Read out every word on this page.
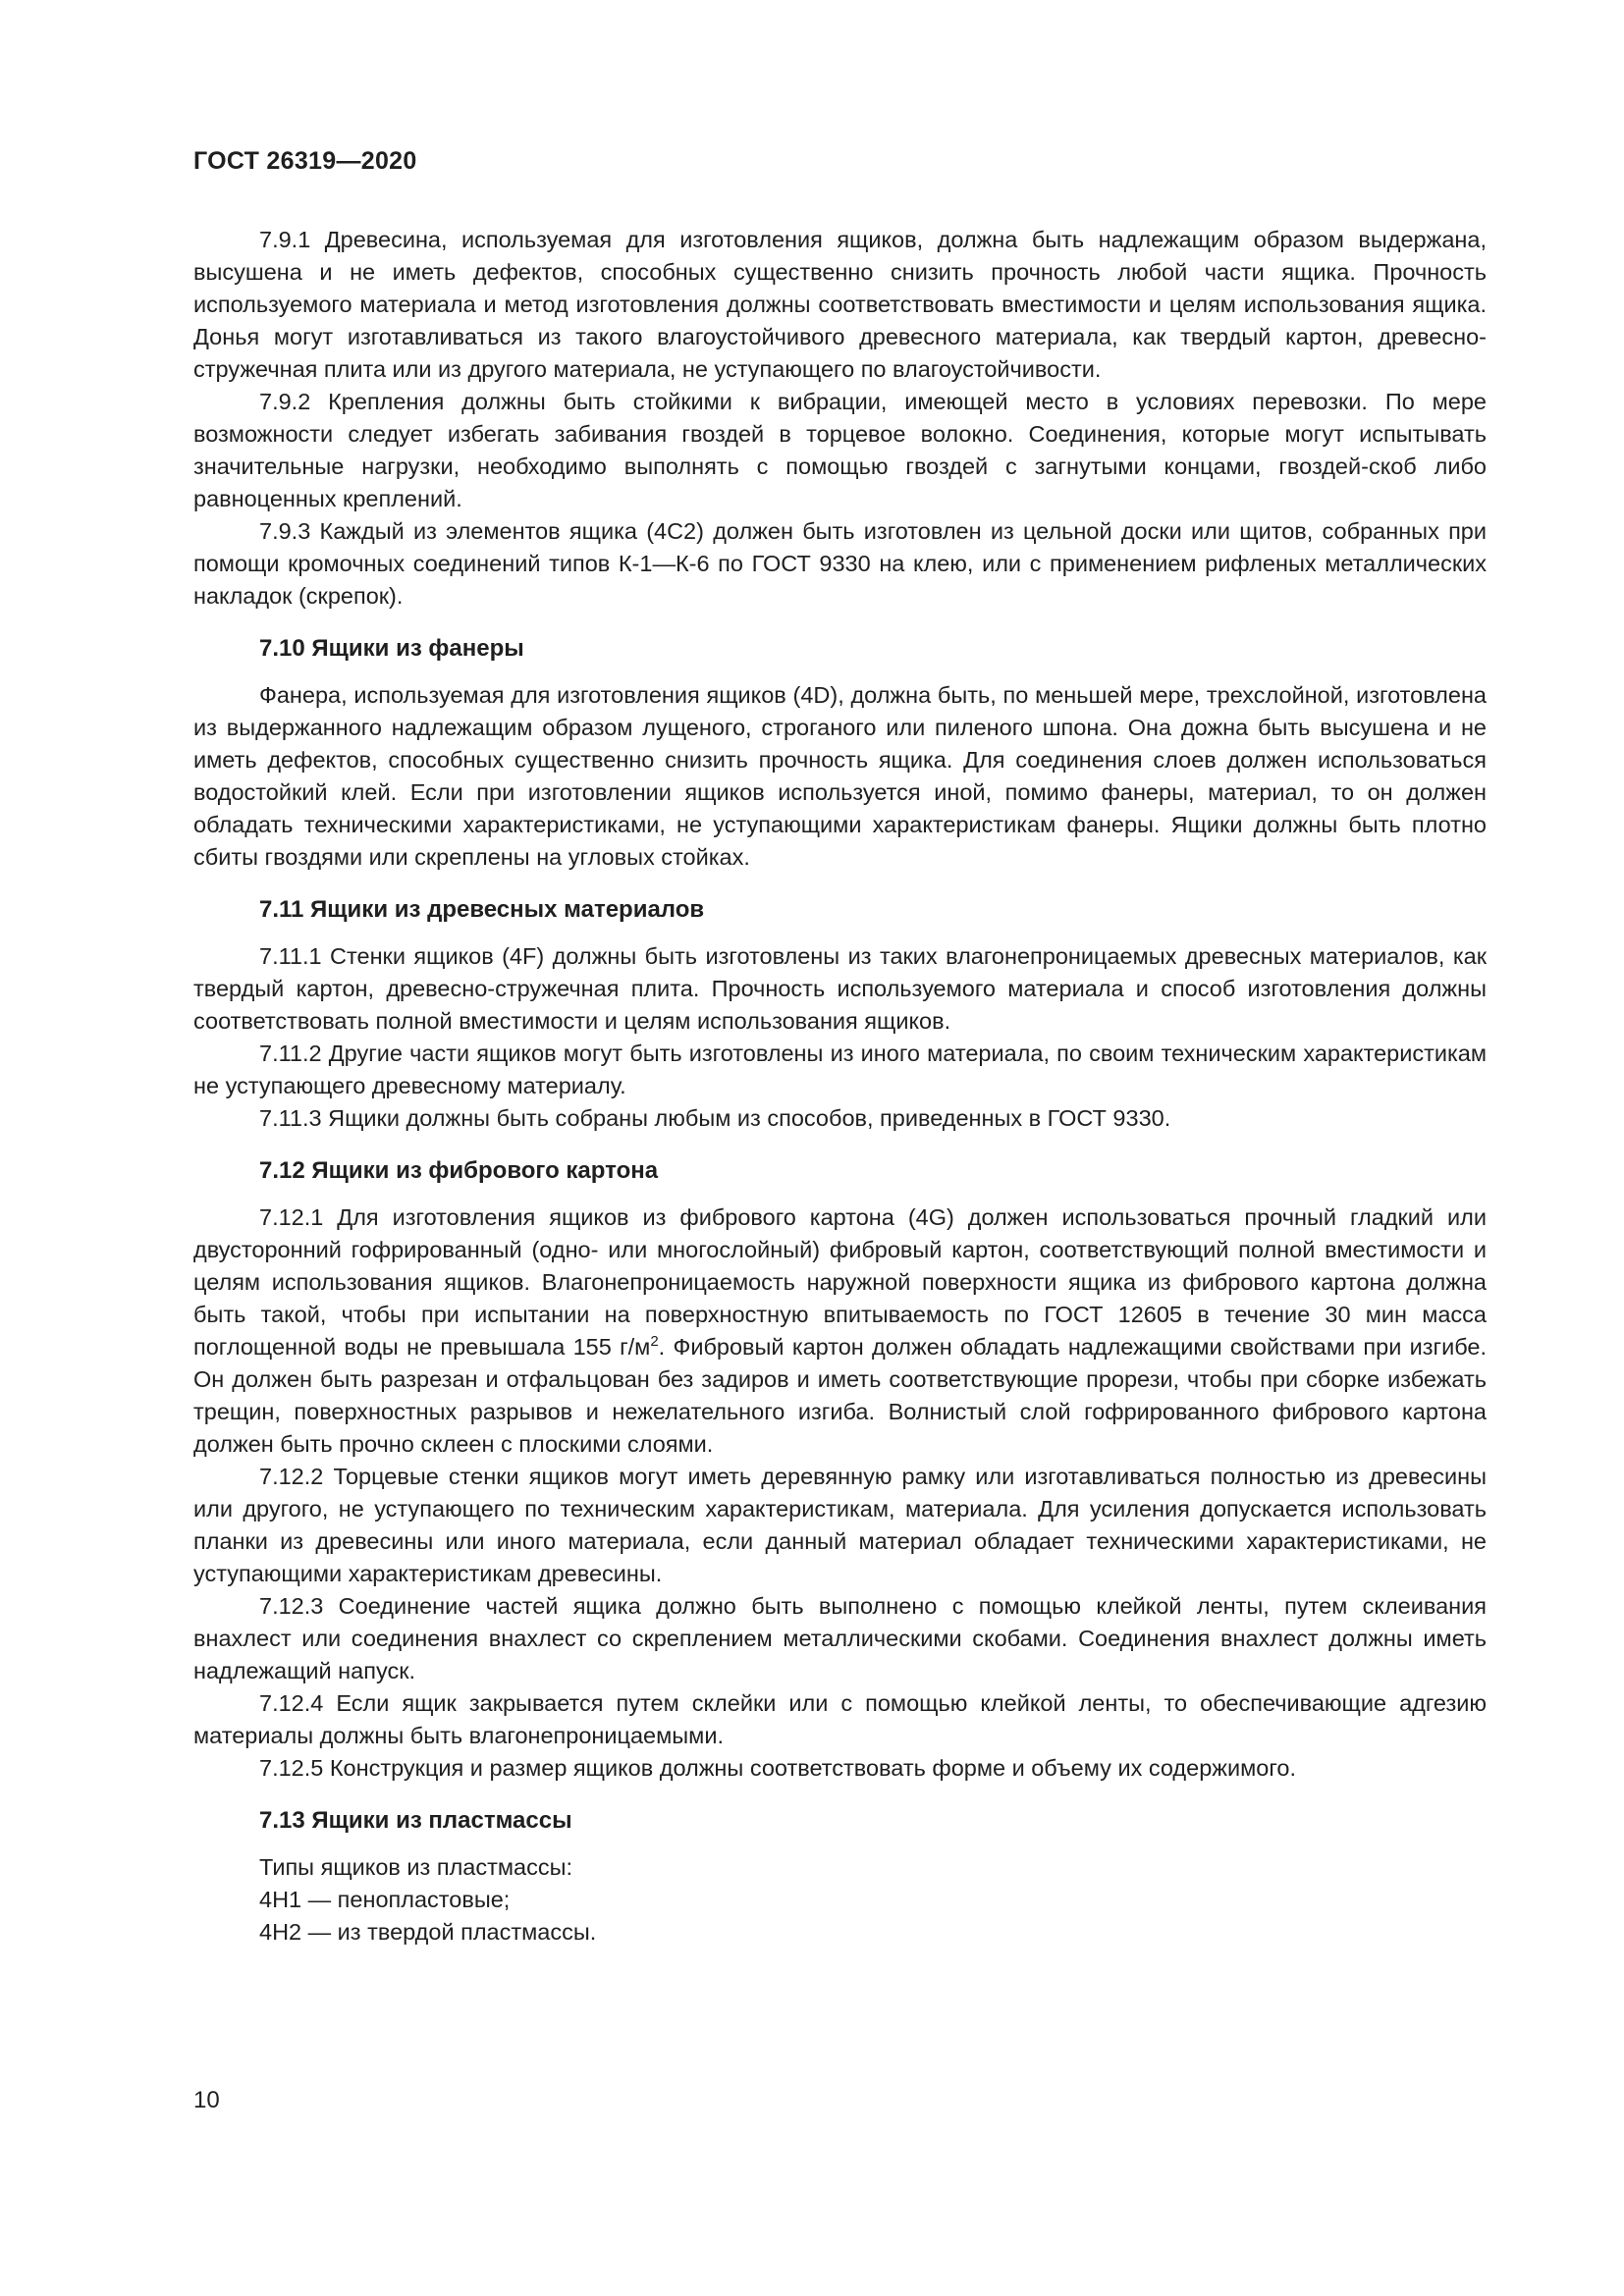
ГОСТ 26319—2020

7.9.1 Древесина, используемая для изготовления ящиков, должна быть надлежащим образом выдержана, высушена и не иметь дефектов, способных существенно снизить прочность любой части ящика. Прочность используемого материала и метод изготовления должны соответствовать вместимости и целям использования ящика. Донья могут изготавливаться из такого влагоустойчивого древесного материала, как твердый картон, древесно-стружечная плита или из другого материала, не уступающего по влагоустойчивости.

7.9.2 Крепления должны быть стойкими к вибрации, имеющей место в условиях перевозки. По мере возможности следует избегать забивания гвоздей в торцевое волокно. Соединения, которые могут испытывать значительные нагрузки, необходимо выполнять с помощью гвоздей с загнутыми концами, гвоздей-скоб либо равноценных креплений.

7.9.3 Каждый из элементов ящика (4С2) должен быть изготовлен из цельной доски или щитов, собранных при помощи кромочных соединений типов К-1—К-6 по ГОСТ 9330 на клею, или с применением рифленых металлических накладок (скрепок).

7.10 Ящики из фанеры

Фанера, используемая для изготовления ящиков (4D), должна быть, по меньшей мере, трехслойной, изготовлена из выдержанного надлежащим образом лущеного, строганого или пиленого шпона. Она дожна быть высушена и не иметь дефектов, способных существенно снизить прочность ящика. Для соединения слоев должен использоваться водостойкий клей. Если при изготовлении ящиков используется иной, помимо фанеры, материал, то он должен обладать техническими характеристиками, не уступающими характеристикам фанеры. Ящики должны быть плотно сбиты гвоздями или скреплены на угловых стойках.

7.11 Ящики из древесных материалов

7.11.1 Стенки ящиков (4F) должны быть изготовлены из таких влагонепроницаемых древесных материалов, как твердый картон, древесно-стружечная плита. Прочность используемого материала и способ изготовления должны соответствовать полной вместимости и целям использования ящиков.

7.11.2 Другие части ящиков могут быть изготовлены из иного материала, по своим техническим характеристикам не уступающего древесному материалу.

7.11.3 Ящики должны быть собраны любым из способов, приведенных в ГОСТ 9330.

7.12 Ящики из фибрового картона

7.12.1 Для изготовления ящиков из фибрового картона (4G) должен использоваться прочный гладкий или двусторонний гофрированный (одно- или многослойный) фибровый картон, соответствующий полной вместимости и целям использования ящиков. Влагонепроницаемость наружной поверхности ящика из фибрового картона должна быть такой, чтобы при испытании на поверхностную впитываемость по ГОСТ 12605 в течение 30 мин масса поглощенной воды не превышала 155 $г/м^2$. Фибровый картон должен обладать надлежащими свойствами при изгибе. Он должен быть разрезан и отфальцован без задиров и иметь соответствующие прорези, чтобы при сборке избежать трещин, поверхностных разрывов и нежелательного изгиба. Волнистый слой гофрированного фибрового картона должен быть прочно склеен с плоскими слоями.

7.12.2 Торцевые стенки ящиков могут иметь деревянную рамку или изготавливаться полностью из древесины или другого, не уступающего по техническим характеристикам, материала. Для усиления допускается использовать планки из древесины или иного материала, если данный материал обладает техническими характеристиками, не уступающими характеристикам древесины.

7.12.3 Соединение частей ящика должно быть выполнено с помощью клейкой ленты, путем склеивания внахлест или соединения внахлест со скреплением металлическими скобами. Соединения внахлест должны иметь надлежащий напуск.

7.12.4 Если ящик закрывается путем склейки или с помощью клейкой ленты, то обеспечивающие адгезию материалы должны быть влагонепроницаемыми.

7.12.5 Конструкция и размер ящиков должны соответствовать форме и объему их содержимого.

7.13 Ящики из пластмассы

Типы ящиков из пластмассы:

4Н1 — пенопластовые;

4Н2 — из твердой пластмассы.

10
